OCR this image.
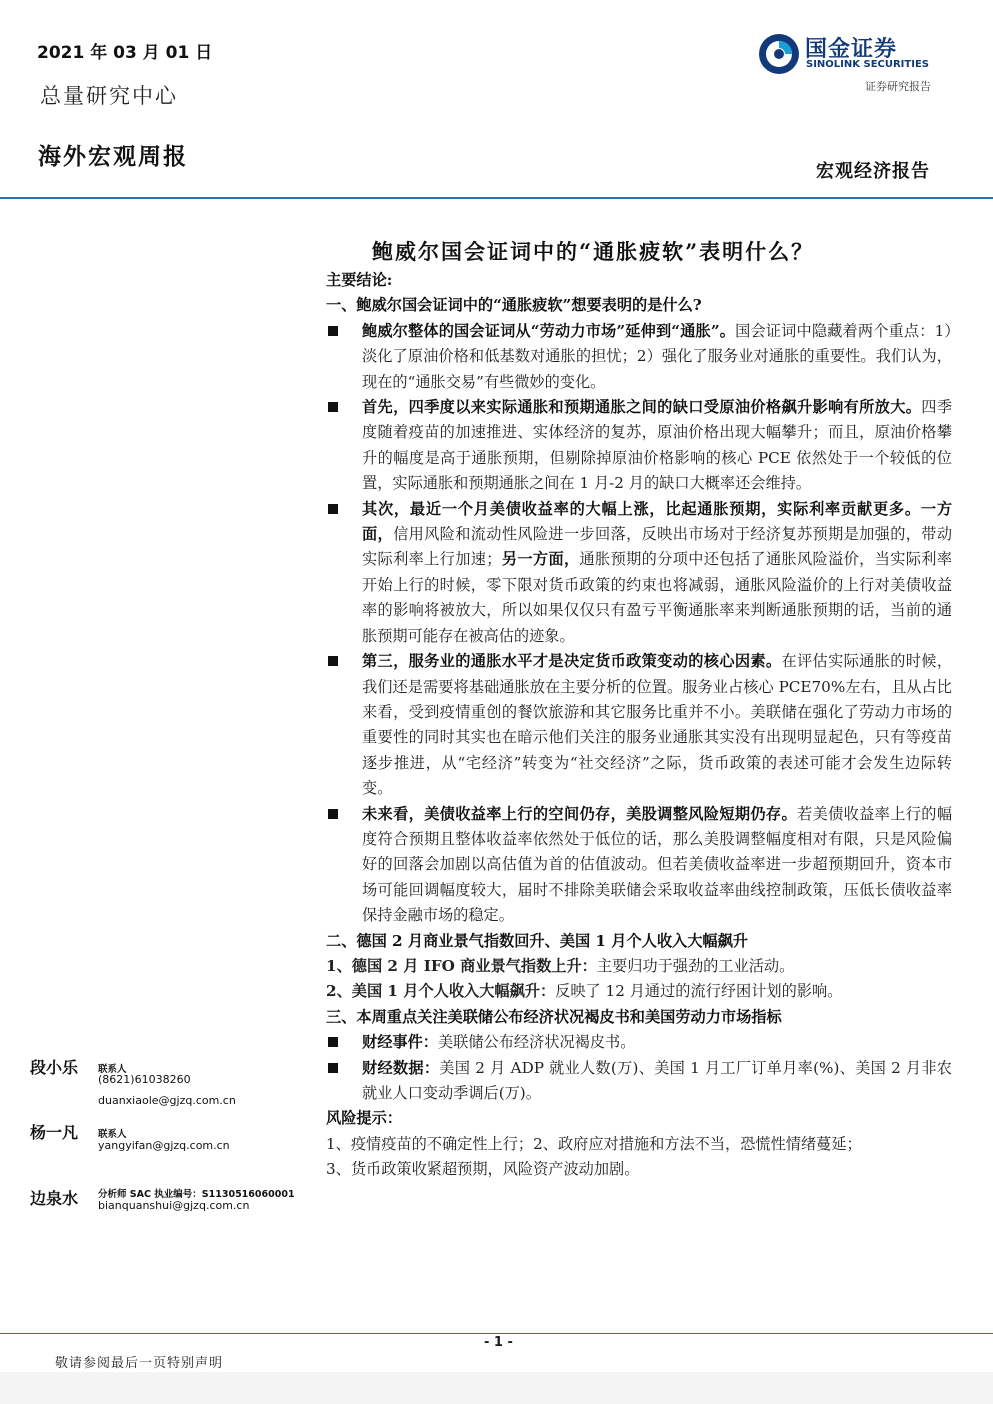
2021 年 03 月 01 日
总量研究中心
海外宏观周报
国金证券
SINOLINK SECURITIES
证券研究报告
宏观经济报告
鲍威尔国会证词中的“通胀疲软”表明什么？

主要结论:

一、鲍威尔国会证词中的“通胀疲软”想要表明的是什么?

鲍威尔整体的国会证词从“劳动力市场”延伸到“通胀”。国会证词中隐藏着两个重点：1）淡化了原油价格和低基数对通胀的担忧；2）强化了服务业对通胀的重要性。我们认为，现在的“通胀交易”有些微妙的变化。

首先，四季度以来实际通胀和预期通胀之间的缺口受原油价格飙升影响有所放大。四季度随着疫苗的加速推进、实体经济的复苏，原油价格出现大幅攀升；而且，原油价格攀升的幅度是高于通胀预期，但剔除掉原油价格影响的核心 PCE 依然处于一个较低的位置，实际通胀和预期通胀之间在 1 月-2 月的缺口大概率还会维持。

其次，最近一个月美债收益率的大幅上涨，比起通胀预期，实际利率贡献更多。一方面，信用风险和流动性风险进一步回落，反映出市场对于经济复苏预期是加强的，带动实际利率上行加速；另一方面，通胀预期的分项中还包括了通胀风险溢价，当实际利率开始上行的时候，零下限对货币政策的约束也将减弱，通胀风险溢价的上行对美债收益率的影响将被放大，所以如果仅仅只有盈亏平衡通胀率来判断通胀预期的话，当前的通胀预期可能存在被高估的迹象。

第三，服务业的通胀水平才是决定货币政策变动的核心因素。在评估实际通胀的时候，我们还是需要将基础通胀放在主要分析的位置。服务业占核心 PCE70%左右，且从占比来看，受到疫情重创的餐饮旅游和其它服务比重并不小。美联储在强化了劳动力市场的重要性的同时其实也在暗示他们关注的服务业通胀其实没有出现明显起色，只有等疫苗逐步推进，从“宅经济”转变为“社交经济”之际，货币政策的表述可能才会发生边际转变。

未来看，美债收益率上行的空间仍存，美股调整风险短期仍存。若美债收益率上行的幅度符合预期且整体收益率依然处于低位的话，那么美股调整幅度相对有限，只是风险偏好的回落会加剧以高估值为首的估值波动。但若美债收益率进一步超预期回升，资本市场可能回调幅度较大，届时不排除美联储会采取收益率曲线控制政策，压低长债收益率保持金融市场的稳定。

二、德国 2 月商业景气指数回升、美国 1 月个人收入大幅飙升

1、德国 2 月 IFO 商业景气指数上升：主要归功于强劲的工业活动。

2、美国 1 月个人收入大幅飙升：反映了 12 月通过的流行纾困计划的影响。

三、本周重点关注美联储公布经济状况褐皮书和美国劳动力市场指标

财经事件：美联储公布经济状况褐皮书。

财经数据：美国 2 月 ADP 就业人数(万)、美国 1 月工厂订单月率(%)、美国 2 月非农就业人口变动季调后(万)。

风险提示：

1、疫情疫苗的不确定性上行；2、政府应对措施和方法不当，恐慌性情绪蔓延；

3、货币政策收紧超预期，风险资产波动加剧。

段小乐 联系人
(8621)61038260
duanxiaole@gjzq.com.cn
杨一凡 联系人
yangyifan@gjzq.com.cn
边泉水 分析师 SAC 执业编号：S1130516060001
bianquanshui@gjzq.com.cn
- 1 -
敬请参阅最后一页特别声明
